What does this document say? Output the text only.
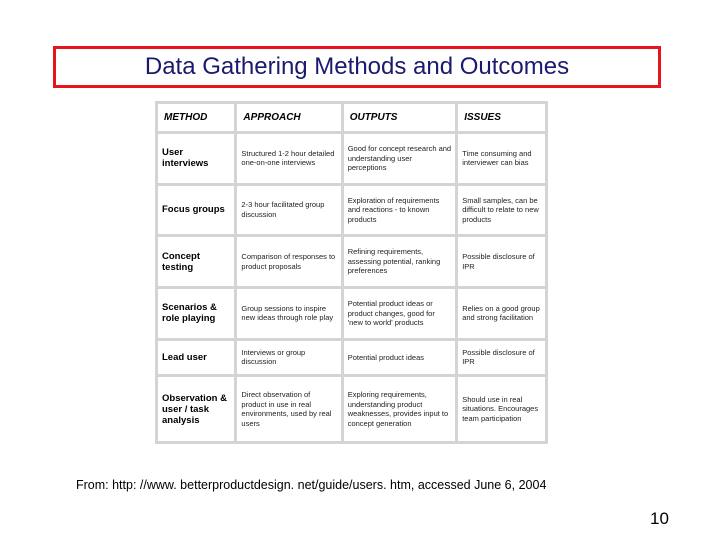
Data Gathering Methods and Outcomes
METHOD	APPROACH	OUTPUTS	ISSUES
User interviews	Structured 1-2 hour detailed one-on-one interviews	Good for concept research and understanding user perceptions	Time consuming and interviewer can bias
Focus groups	2-3 hour facilitated group discussion	Exploration of requirements and reactions - to known products	Small samples, can be difficult to relate to new products
Concept testing	Comparison of responses to product proposals	Refining requirements, assessing potential, ranking preferences	Possible disclosure of IPR
Scenarios & role playing	Group sessions to inspire new ideas through role play	Potential product ideas or product changes, good for 'new to world' products	Relies on a good group and strong facilitation
Lead user	Interviews or group discussion	Potential product ideas	Possible disclosure of IPR
Observation & user / task analysis	Direct observation of product in use in real environments, used by real users	Exploring requirements, understanding product weaknesses, provides input to concept generation	Should use in real situations. Encourages team participation
From: http: //www. betterproductdesign. net/guide/users. htm, accessed June 6, 2004
10
